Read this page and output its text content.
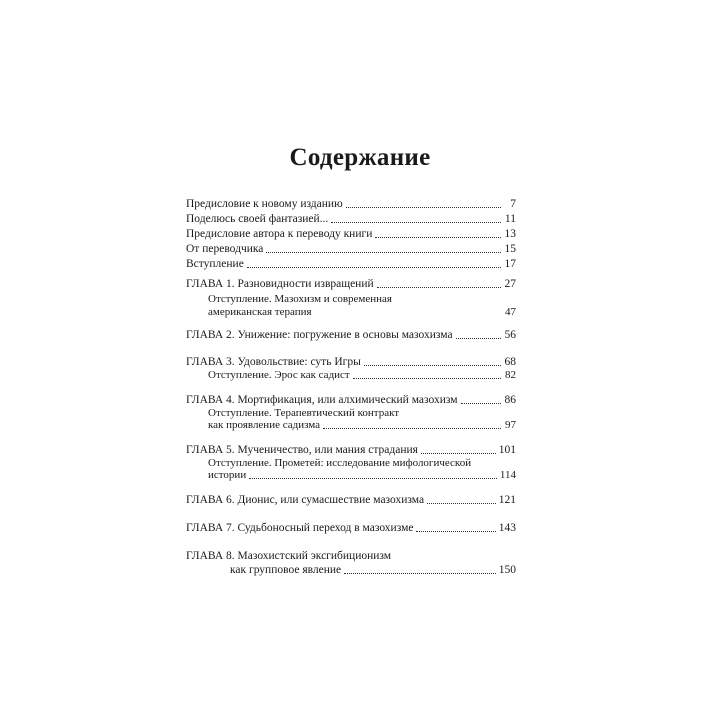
Содержание
Предисловие к новому изданию	7
Поделюсь своей фантазией...	11
Предисловие автора к переводу книги	13
От переводчика	15
Вступление	17
ГЛАВА 1. Разновидности извращений	27
Отступление. Мазохизм и современная
американская терапия	47
ГЛАВА 2. Унижение: погружение в основы мазохизма	56
ГЛАВА 3. Удовольствие: суть Игры	68
Отступление. Эрос как садист	82
ГЛАВА 4. Мортификация, или алхимический мазохизм	86
Отступление. Терапевтический контракт
как проявление садизма	97
ГЛАВА 5. Мученичество, или мания страдания	101
Отступление. Прометей: исследование мифологической
истории	114
ГЛАВА 6. Дионис, или сумасшествие мазохизма	121
ГЛАВА 7. Судьбоносный переход в мазохизме	143
ГЛАВА 8. Мазохистский эксгибиционизм
как групповое явление	150
